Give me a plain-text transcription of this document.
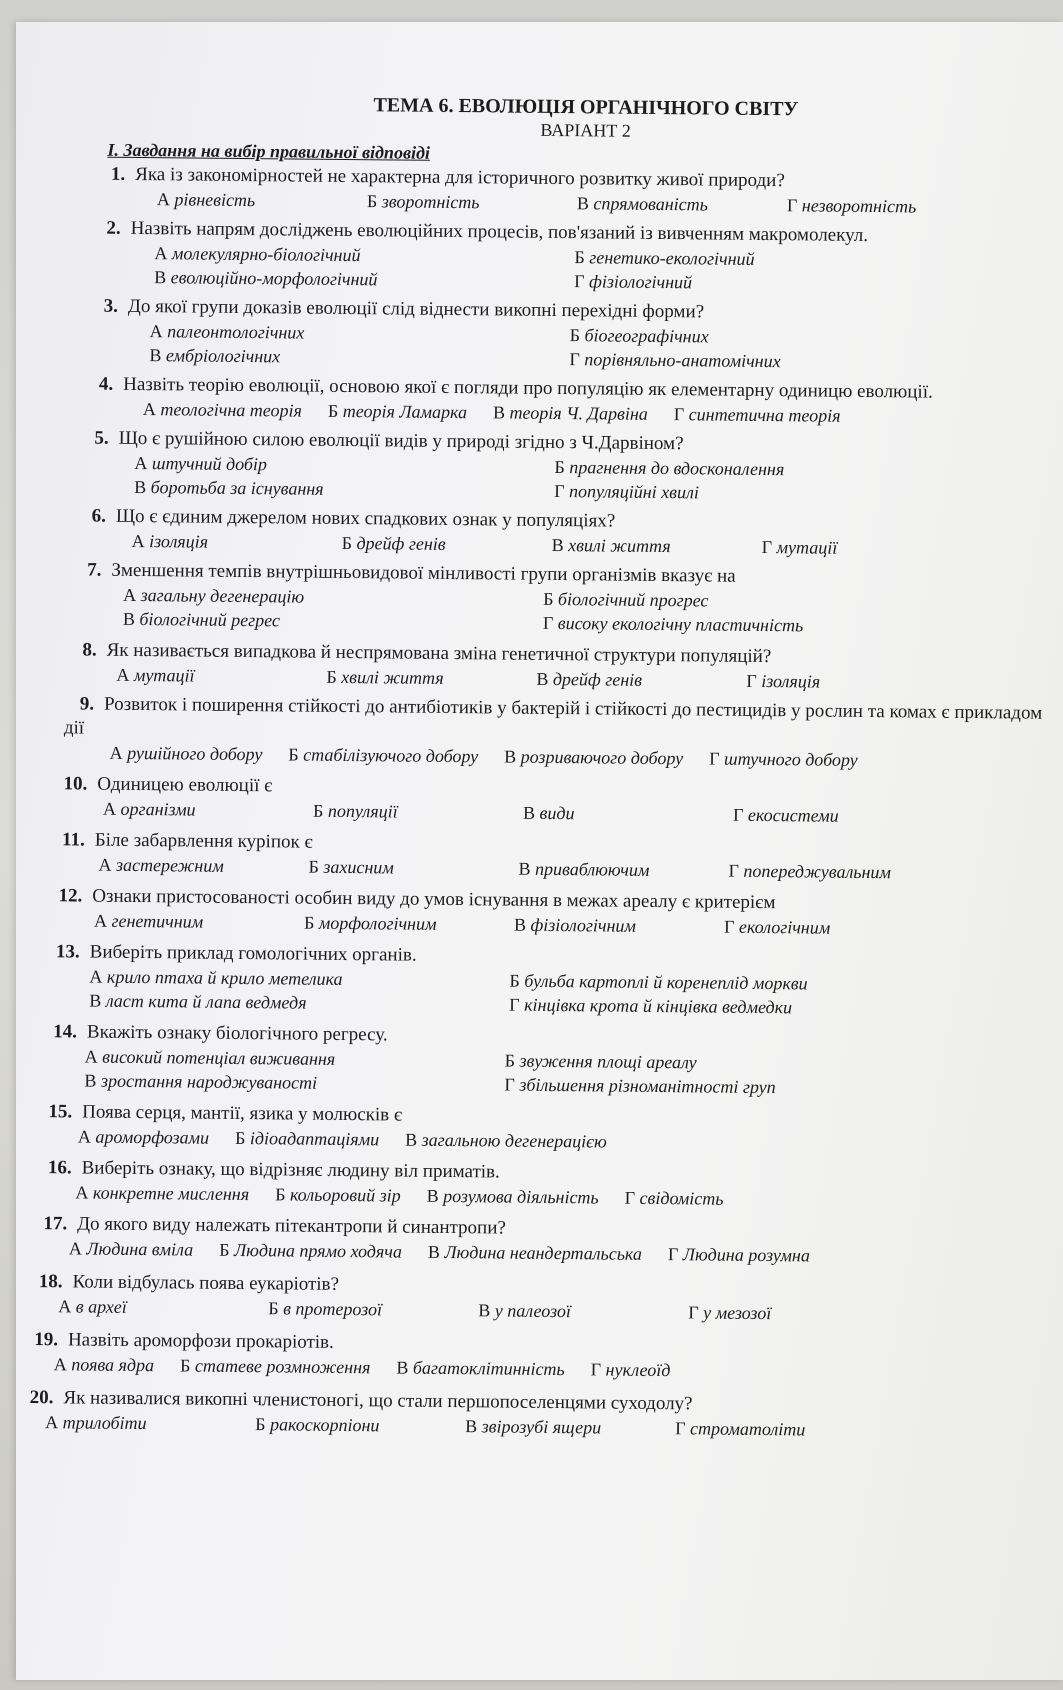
ТЕМА 6. ЕВОЛЮЦІЯ ОРГАНІЧНОГО СВІТУ
ВАРІАНТ 2
І. Завдання на вибір правильної відповіді
1. Яка із закономірностей не характерна для історичного розвитку живої природи?
А рівневість	Б зворотність	В спрямованість	Г незворотність
2. Назвіть напрям досліджень еволюційних процесів, пов'язаний із вивченням макромолекул.
А молекулярно-біологічний	Б генетико-екологічний
В еволюційно-морфологічний	Г фізіологічний
3. До якої групи доказів еволюції слід віднести викопні перехідні форми?
А палеонтологічних	Б біогеографічних
В ембріологічних	Г порівняльно-анатомічних
4. Назвіть теорію еволюції, основою якої є погляди про популяцію як елементарну одиницю еволюції.
А теологічна теорія Б теорія Ламарка В теорія Ч. Дарвіна Г синтетична теорія
5. Що є рушійною силою еволюції видів у природі згідно з Ч.Дарвіном?
А штучний добір	Б прагнення до вдосконалення
В боротьба за існування	Г популяційні хвилі
6. Що є єдиним джерелом нових спадкових ознак у популяціях?
А ізоляція	Б дрейф генів	В хвилі життя	Г мутації
7. Зменшення темпів внутрішньовидової мінливості групи організмів вказує на
А загальну дегенерацію	Б біологічний прогрес
В біологічний регрес	Г високу екологічну пластичність
8. Як називається випадкова й неспрямована зміна генетичної структури популяцій?
А мутації	Б хвилі життя	В дрейф генів	Г ізоляція
9. Розвиток і поширення стійкості до антибіотиків у бактерій і стійкості до пестицидів у рослин та комах є прикладом дії
А рушійного добору Б стабілізуючого добору В розриваючого добору Г штучного добору
10. Одиницею еволюції є
А організми	Б популяції	В види	Г екосистеми
11. Біле забарвлення курiпок є
А застережним	Б захисним	В приваблюючим	Г попереджувальним
12. Ознаки пристосованості особин виду до умов існування в межах ареалу є критерієм
А генетичним	Б морфологічним	В фізіологічним	Г екологічним
13. Виберіть приклад гомологічних органів.
А крило птаха й крило метелика	Б бульба картоплі й коренеплід моркви
В ласт кита й лапа ведмедя	Г кінцівка крота й кінцівка ведмедки
14. Вкажіть ознаку біологічного регресу.
А високий потенціал виживання	Б звуження площі ареалу
В зростання народжуваності	Г збільшення різноманітності груп
15. Поява серця, мантії, язика у молюсків є
А ароморфозами Б ідіоадаптаціями В загальною дегенерацією
16. Виберіть ознаку, що відрізняє людину віл приматів.
А конкретне мислення Б кольоровий зір В розумова діяльність Г свідомість
17. До якого виду належать пітекантропи й синантропи?
А Людина вміла Б Людина прямо ходяча В Людина неандертальська Г Людина розумна
18. Коли відбулась поява еукаріотів?
А в археї	Б в протерозої	В у палеозої	Г у мезозої
19. Назвіть ароморфози прокаріотів.
А поява ядра Б статеве розмноження В багатоклітинність Г нуклеоїд
20. Як називалися викопні членистоногі, що стали першопоселенцями суходолу?
А трилобіти	Б ракоскорпіони	В звірозубі ящери	Г строматоліти
